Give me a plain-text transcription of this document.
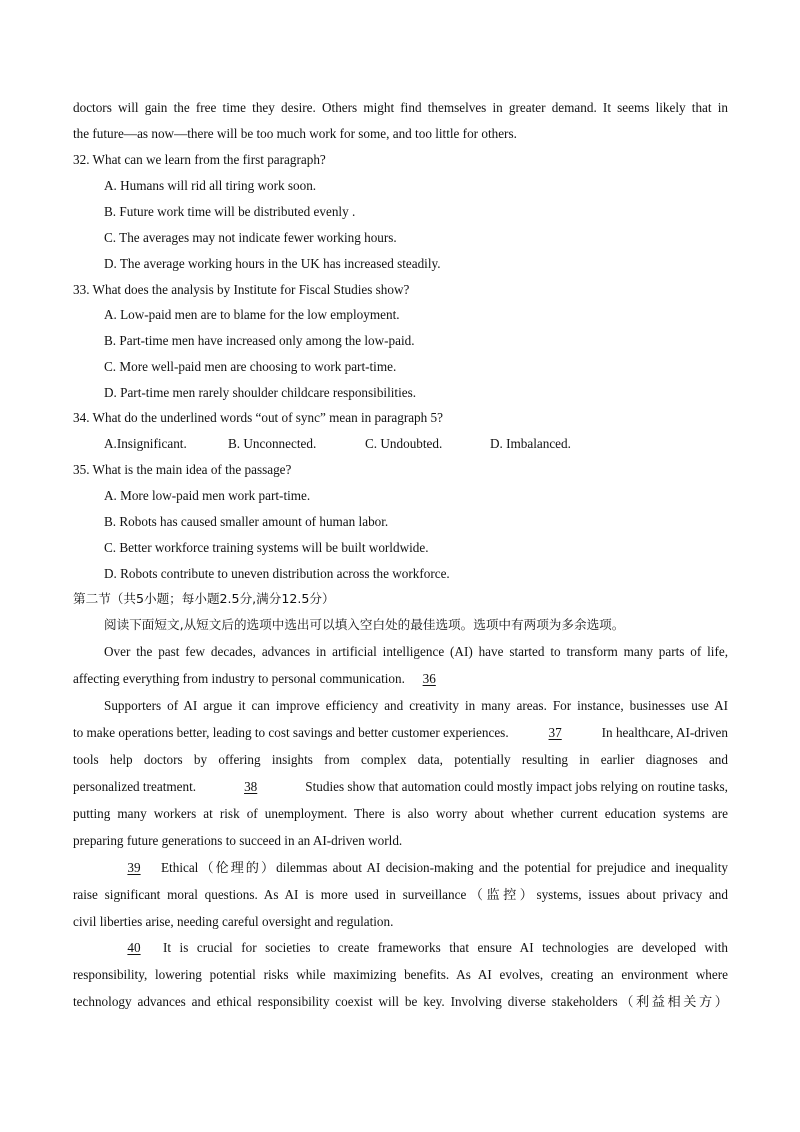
doctors will gain the free time they desire. Others might find themselves in greater demand. It seems likely that in
the future—as now—there will be too much work for some, and too little for others.
32. What can we learn from the first paragraph?
A. Humans will rid all tiring work soon.
B. Future work time will be distributed evenly .
C. The averages may not indicate fewer working hours.
D. The average working hours in the UK has increased steadily.
33. What does the analysis by Institute for Fiscal Studies show?
A. Low-paid men are to blame for the low employment.
B. Part-time men have increased only among the low-paid.
C. More well-paid men are choosing to work part-time.
D. Part-time men rarely shoulder childcare responsibilities.
34. What do the underlined words “out of sync” mean in paragraph 5?
A.Insignificant.	B. Unconnected.	C. Undoubted.	D. Imbalanced.
35. What is the main idea of the passage?
A. More low-paid men work part-time.
B. Robots has caused smaller amount of human labor.
C. Better workforce training systems will be built worldwide.
D. Robots contribute to uneven distribution across the workforce.
第二节（共5小题；每小题2.5分,满分12.5分）
阅读下面短文,从短文后的选项中选出可以填入空白处的最佳选项。选项中有两项为多余选项。
Over the past few decades, advances in artificial intelligence (AI) have started to transform many parts of life,
affecting everything from industry to personal communication. 36
Supporters of AI argue it can improve efficiency and creativity in many areas. For instance, businesses use AI
to make operations better, leading to cost savings and better customer experiences.	37	In healthcare, AI-driven
tools help doctors by offering insights from complex data, potentially resulting in earlier diagnoses and
personalized treatment.	38	Studies show that automation could mostly impact jobs relying on routine tasks,
putting many workers at risk of unemployment. There is also worry about whether current education systems are
preparing future generations to succeed in an AI-driven world.
39	Ethical（伦理的）dilemmas about AI decision-making and the potential for prejudice and inequality
raise significant moral questions. As AI is more used in surveillance（监控）systems, issues about privacy and
civil liberties arise, needing careful oversight and regulation.
40	It is crucial for societies to create frameworks that ensure AI technologies are developed with
responsibility, lowering potential risks while maximizing benefits. As AI evolves, creating an environment where
technology advances and ethical responsibility coexist will be key. Involving diverse stakeholders（利益相关方）
